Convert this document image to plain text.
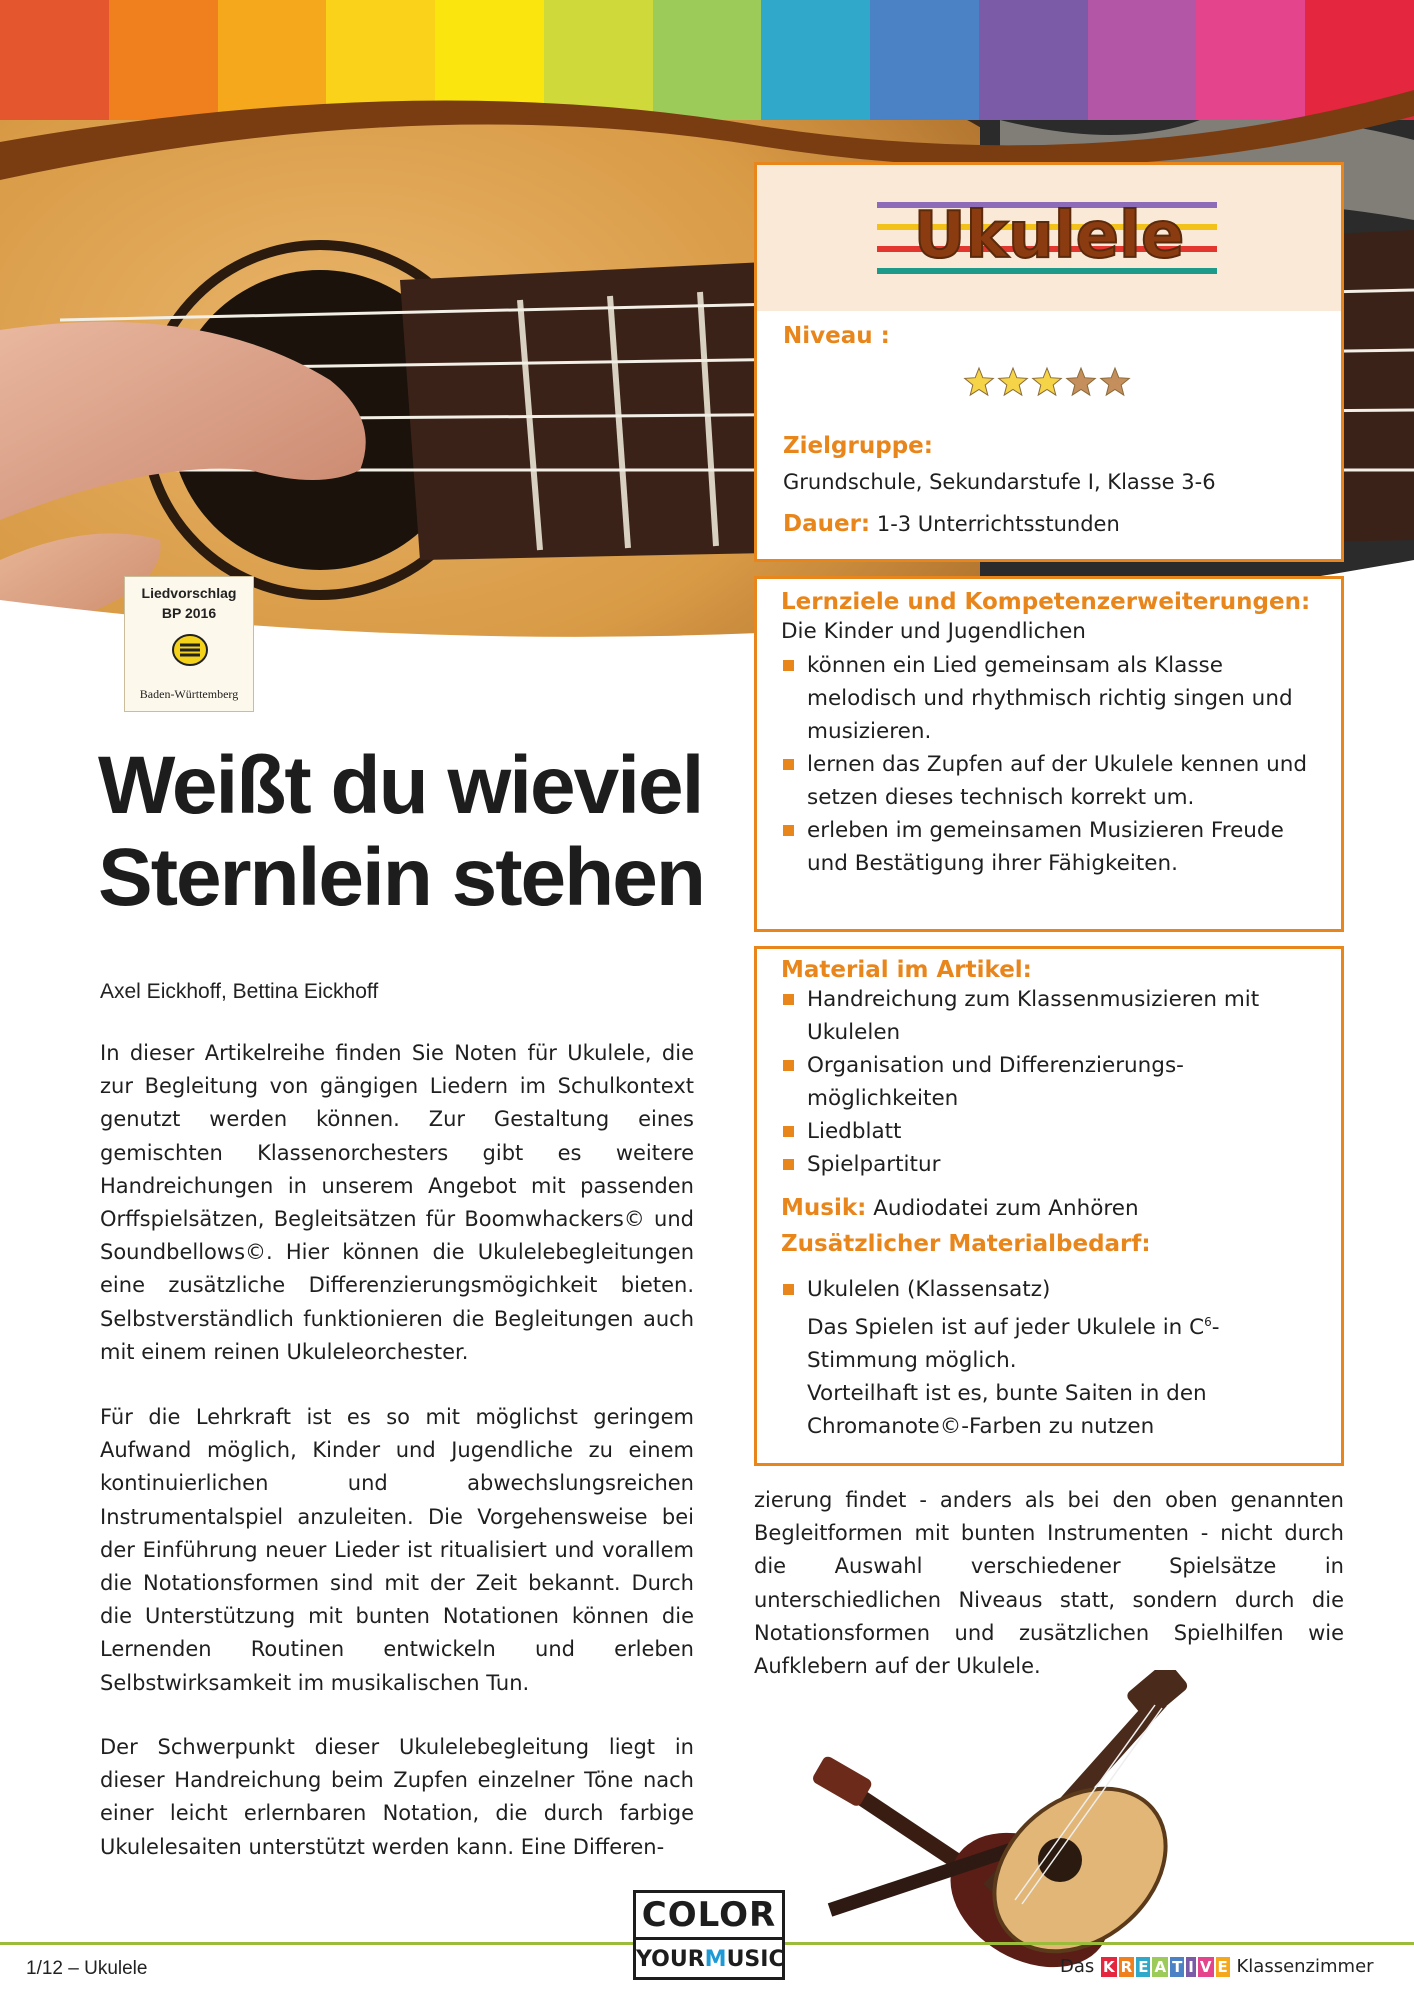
Ukulele
Niveau :
Zielgruppe:
Grundschule, Sekundarstufe I, Klasse 3-6
Dauer: 1-3 Unterrichtsstunden
Lernziele und Kompetenzerweiterungen:
Die Kinder und Jugendlichen
können ein Lied gemeinsam als Klasse melodisch und rhythmisch richtig singen und musizieren.
lernen das Zupfen auf der Ukulele kennen und setzen dieses technisch korrekt um.
erleben im gemeinsamen Musizieren Freude und Bestätigung ihrer Fähigkeiten.
Material im Artikel:
Handreichung zum Klassenmusizieren mit Ukulelen
Organisation und Differenzierungs-möglichkeiten
Liedblatt
Spielpartitur
Musik: Audiodatei zum Anhören
Zusätzlicher Materialbedarf:
Ukulelen (Klassensatz)
Das Spielen ist auf jeder Ukulele in $C^6$-Stimmung möglich.
Vorteilhaft ist es, bunte Saiten in den Chromanote©-Farben zu nutzen
Liedvorschlag
BP 2016
Baden-Württemberg
Weißt du wieviel
Sternlein stehen
Axel Eickhoff, Bettina Eickhoff
In dieser Artikelreihe finden Sie Noten für Ukulele, die zur Begleitung von gängigen Liedern im Schulkontext genutzt werden können. Zur Gestaltung eines gemischten Klassenorchesters gibt es weitere Handreichungen in unserem Angebot mit passenden Orffspielsätzen, Begleitsätzen für Boomwhackers© und Soundbellows©. Hier können die Ukulelebegleitungen eine zusätzliche Differenzierungsmögichkeit bieten. Selbstverständlich funktionieren die Begleitungen auch mit einem reinen Ukuleleorchester.
Für die Lehrkraft ist es so mit möglichst geringem Aufwand möglich, Kinder und Jugendliche zu einem kontinuierlichen und abwechslungsreichen Instrumentalspiel anzuleiten. Die Vorgehensweise bei der Einführung neuer Lieder ist ritualisiert und vorallem die Notationsformen sind mit der Zeit bekannt. Durch die Unterstützung mit bunten Notationen können die Lernenden Routinen entwickeln und erleben Selbstwirksamkeit im musikalischen Tun.
Der Schwerpunkt dieser Ukulelebegleitung liegt in dieser Handreichung beim Zupfen einzelner Töne nach einer leicht erlernbaren Notation, die durch farbige Ukulelesaiten unterstützt werden kann. Eine Differen-
zierung findet - anders als bei den oben genannten Begleitformen mit bunten Instrumenten - nicht durch die Auswahl verschiedener Spielsätze in unterschiedlichen Niveaus statt, sondern durch die Notationsformen und zusätzlichen Spielhilfen wie Aufklebern auf der Ukulele.
1/12 – Ukulele
COLOR
YOURMUSIC	Das K R E A T I V E Klassenzimmer
